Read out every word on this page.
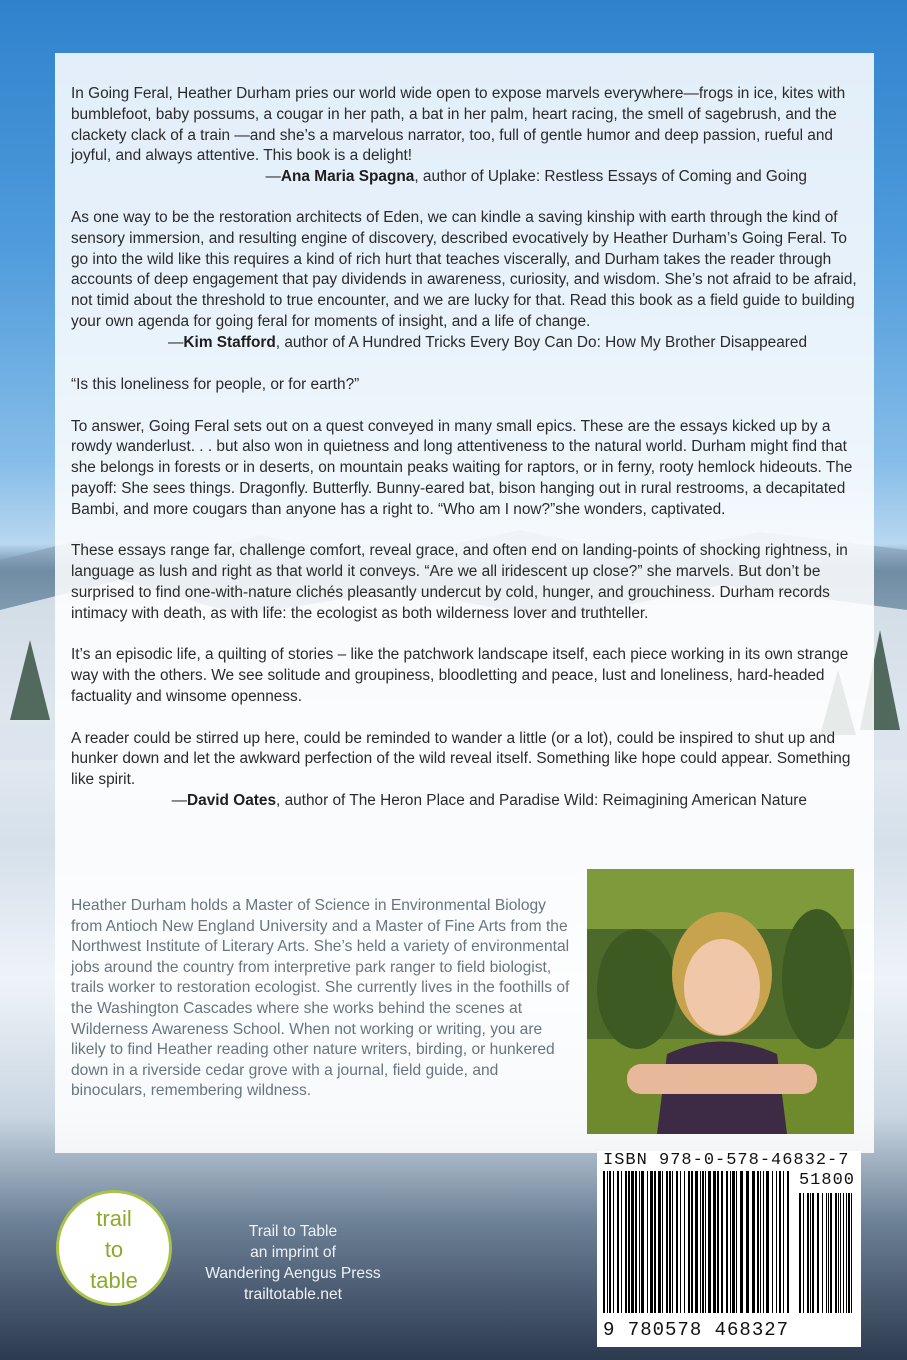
In Going Feral, Heather Durham pries our world wide open to expose marvels everywhere—frogs in ice, kites with bumblefoot, baby possums, a cougar in her path, a bat in her palm, heart racing, the smell of sagebrush, and the clackety clack of a train —and she’s a marvelous narrator, too, full of gentle humor and deep passion, rueful and joyful, and always attentive. This book is a delight!

—Ana Maria Spagna, author of Uplake: Restless Essays of Coming and Going

As one way to be the restoration architects of Eden, we can kindle a saving kinship with earth through the kind of sensory immersion, and resulting engine of discovery, described evocatively by Heather Durham’s Going Feral. To go into the wild like this requires a kind of rich hurt that teaches viscerally, and Durham takes the reader through accounts of deep engagement that pay dividends in awareness, curiosity, and wisdom. She’s not afraid to be afraid, not timid about the threshold to true encounter, and we are lucky for that. Read this book as a field guide to building your own agenda for going feral for moments of insight, and a life of change.

—Kim Stafford, author of A Hundred Tricks Every Boy Can Do: How My Brother Disappeared

“Is this loneliness for people, or for earth?”

To answer, Going Feral sets out on a quest conveyed in many small epics. These are the essays kicked up by a rowdy wanderlust. . . but also won in quietness and long attentiveness to the natural world. Durham might find that she belongs in forests or in deserts, on mountain peaks waiting for raptors, or in ferny, rooty hemlock hideouts. The payoff: She sees things. Dragonfly. Butterfly. Bunny-eared bat, bison hanging out in rural restrooms, a decapitated Bambi, and more cougars than anyone has a right to. “Who am I now?”she wonders, captivated.

These essays range far, challenge comfort, reveal grace, and often end on landing-points of shocking rightness, in language as lush and right as that world it conveys. “Are we all iridescent up close?” she marvels. But don’t be surprised to find one-with-nature clichés pleasantly undercut by cold, hunger, and grouchiness. Durham records intimacy with death, as with life: the ecologist as both wilderness lover and truthteller.

It’s an episodic life, a quilting of stories – like the patchwork landscape itself, each piece working in its own strange way with the others. We see solitude and groupiness, bloodletting and peace, lust and loneliness, hard-headed factuality and winsome openness.

A reader could be stirred up here, could be reminded to wander a little (or a lot), could be inspired to shut up and hunker down and let the awkward perfection of the wild reveal itself. Something like hope could appear. Something like spirit.

—David Oates, author of The Heron Place and Paradise Wild: Reimagining American Nature

Heather Durham holds a Master of Science in Environmental Biology from Antioch New England University and a Master of Fine Arts from the Northwest Institute of Literary Arts. She’s held a variety of environmental jobs around the country from interpretive park ranger to field biologist, trails worker to restoration ecologist. She currently lives in the foothills of the Washington Cascades where she works behind the scenes at Wilderness Awareness School. When not working or writing, you are likely to find Heather reading other nature writers, birding, or hunkered down in a riverside cedar grove with a journal, field guide, and binoculars, remembering wildness.
ISBN 978-0-578-46832-7
51800
9 780578 468327
trail
to
table
Trail to Table
an imprint of
Wandering Aengus Press
trailtotable.net
